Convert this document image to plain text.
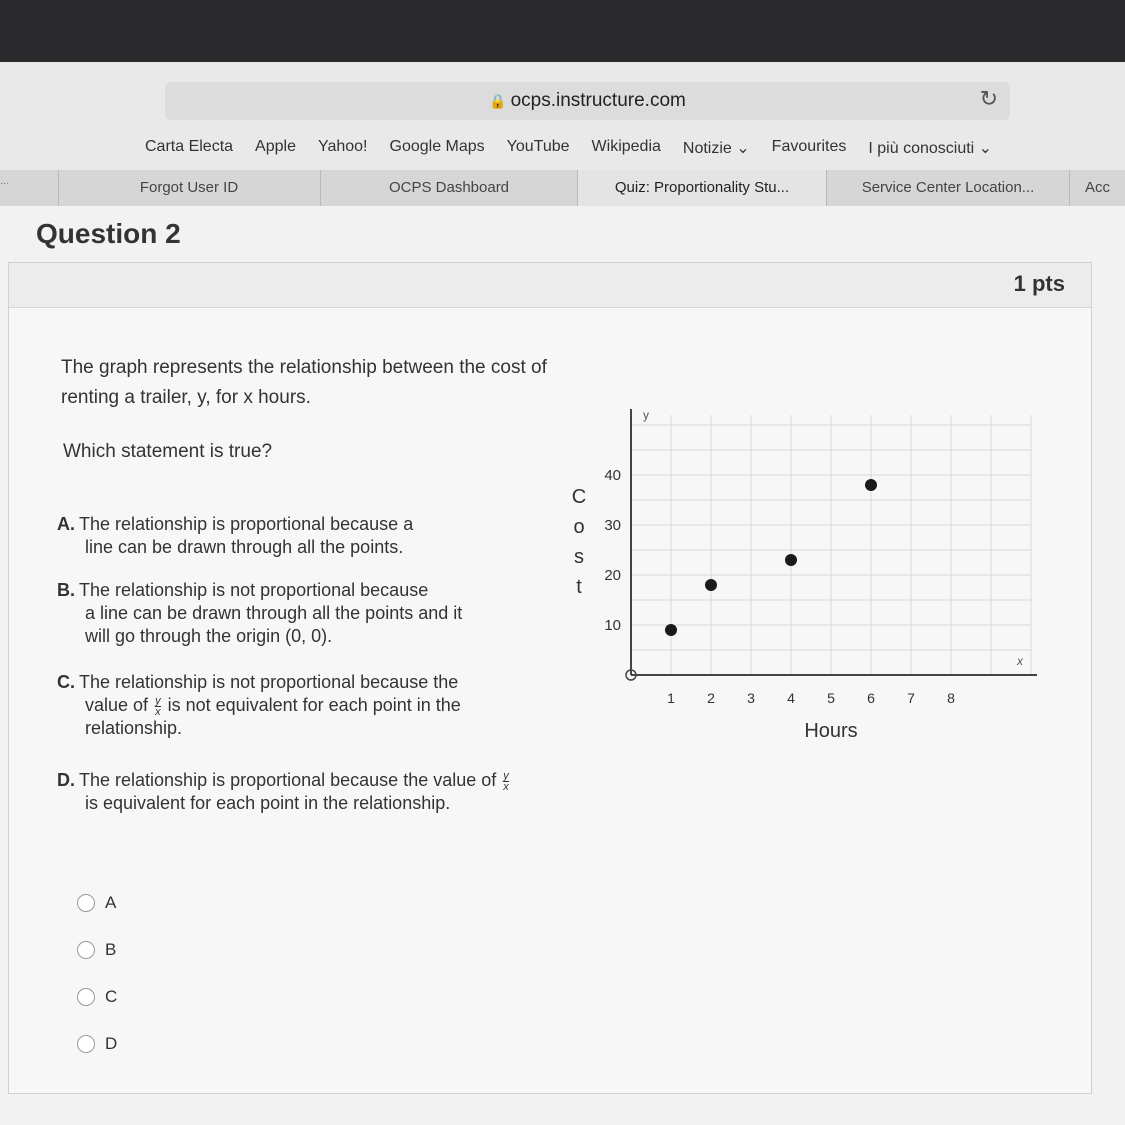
🔒 ocps.instructure.com	↻
Carta Electa Apple Yahoo! Google Maps YouTube Wikipedia Notizie ⌄ Favourites I più conosciuti ⌄
...	Forgot User ID	OCPS Dashboard	Quiz: Proportionality Stu...	Service Center Location...	Acc
Question 2
1 pts
The graph represents the relationship between the cost of renting a trailer, y, for x hours.
Which statement is true?
A. The relationship is proportional because a
line can be drawn through all the points.
B. The relationship is not proportional because
a line can be drawn through all the points and it
will go through the origin (0, 0).
C. The relationship is not proportional because the
value of $\frac{y}{x}$ is not equivalent for each point in the
relationship.
D. The relationship is proportional because the value of $\frac{y}{x}$
is equivalent for each point in the relationship.
y
x
1 2 3 4 5 6 7 8
10
20
30
40
Hours
C
o
s
t
A
B
C
D
